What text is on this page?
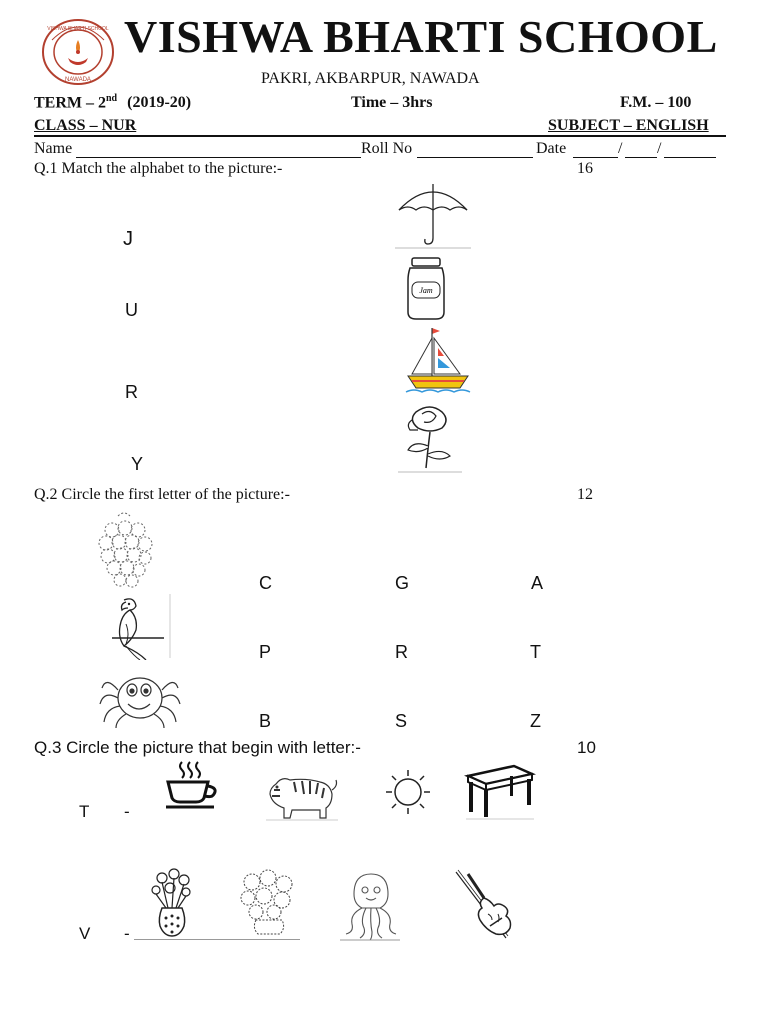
NAWADA
VISHWA BHARTI SCHOOL VISHWA BHARTI SCHOOL
PAKRI, AKBARPUR, NAWADA
TERM – 2nd (2019-20)	Time – 3hrs	F.M. – 100
CLASS – NUR	SUBJECT – ENGLISH
Name	Roll No	Date	/ /
Q.1 Match the alphabet to the picture:-	16
J
U
R
Y
Jam
Q.2 Circle the first letter of the picture:-	12
C	G	A
P	R	T
B	S	Z
Q.3 Circle the picture that begin with letter:-	10
T -
V -
